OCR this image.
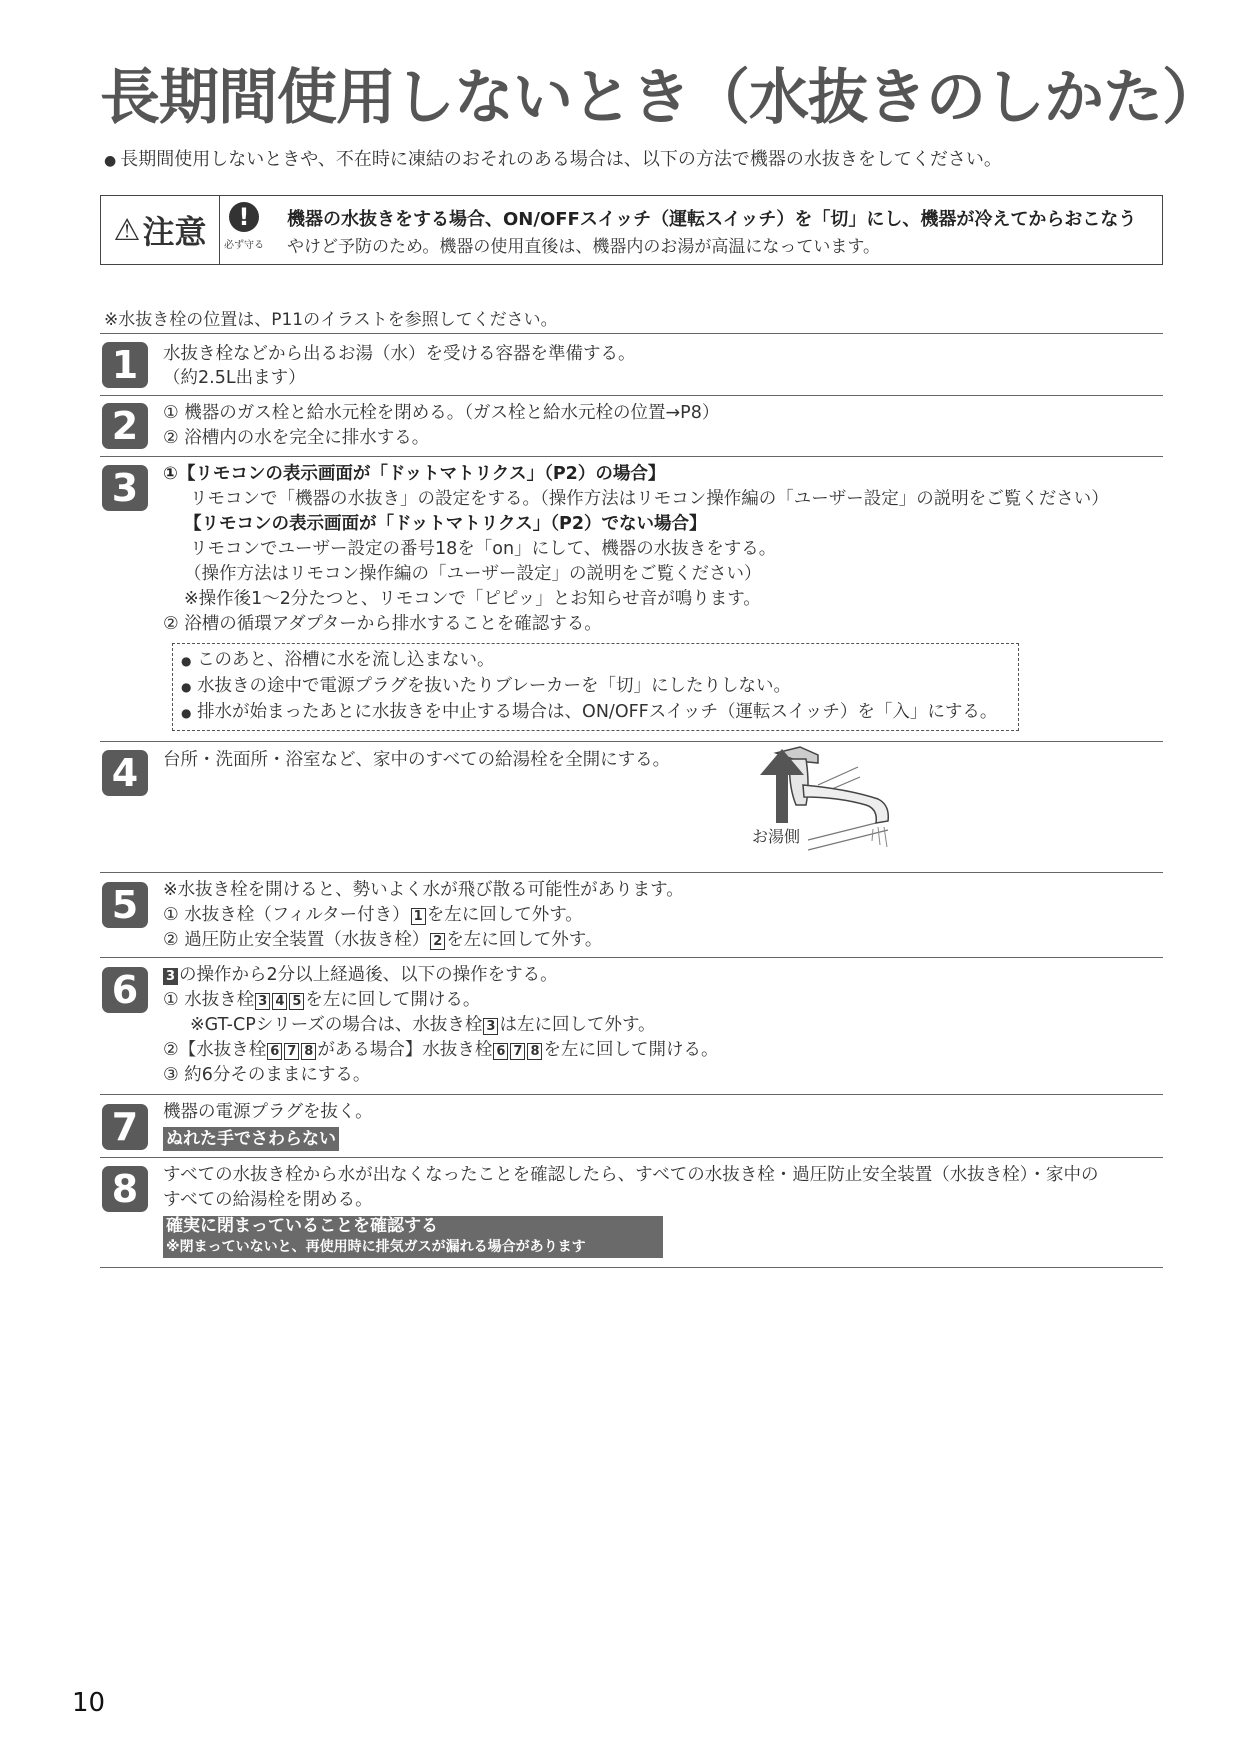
長期間使用しないとき（水抜きのしかた）
● 長期間使用しないときや、不在時に凍結のおそれのある場合は、以下の方法で機器の水抜きをしてください。
⚠ 注意	!
必ず守る
機器の水抜きをする場合、ON/OFFスイッチ（運転スイッチ）を「切」にし、機器が冷えてからおこなう
やけど予防のため。機器の使用直後は、機器内のお湯が高温になっています。
※水抜き栓の位置は、P11のイラストを参照してください。
1	水抜き栓などから出るお湯（水）を受ける容器を準備する。
（約2.5L出ます）
2	① 機器のガス栓と給水元栓を閉める。（ガス栓と給水元栓の位置→P8）
② 浴槽内の水を完全に排水する。
3	①【リモコンの表示画面が「ドットマトリクス」（P2）の場合】
リモコンで「機器の水抜き」の設定をする。（操作方法はリモコン操作編の「ユーザー設定」の説明をご覧ください）
【リモコンの表示画面が「ドットマトリクス」（P2）でない場合】
リモコンでユーザー設定の番号18を「on」にして、機器の水抜きをする。
（操作方法はリモコン操作編の「ユーザー設定」の説明をご覧ください）
※操作後1〜2分たつと、リモコンで「ピピッ」とお知らせ音が鳴ります。
② 浴槽の循環アダプターから排水することを確認する。
● このあと、浴槽に水を流し込まない。
● 水抜きの途中で電源プラグを抜いたりブレーカーを「切」にしたりしない。
● 排水が始まったあとに水抜きを中止する場合は、ON/OFFスイッチ（運転スイッチ）を「入」にする。
4	台所・洗面所・浴室など、家中のすべての給湯栓を全開にする。
お湯側
5	※水抜き栓を開けると、勢いよく水が飛び散る可能性があります。
① 水抜き栓（フィルター付き） 1 を左に回して外す。
② 過圧防止安全装置（水抜き栓） 2 を左に回して外す。
6	3 の操作から2分以上経過後、以下の操作をする。
① 水抜き栓 3 4 5 を左に回して開ける。
※GT-CPシリーズの場合は、水抜き栓 3 は左に回して外す。
②【水抜き栓 6 7 8 がある場合】水抜き栓 6 7 8 を左に回して開ける。
③ 約6分そのままにする。
7	機器の電源プラグを抜く。
ぬれた手でさわらない
8	すべての水抜き栓から水が出なくなったことを確認したら、すべての水抜き栓・過圧防止安全装置（水抜き栓）・家中の
すべての給湯栓を閉める。
確実に閉まっていることを確認する
※閉まっていないと、再使用時に排気ガスが漏れる場合があります
10
